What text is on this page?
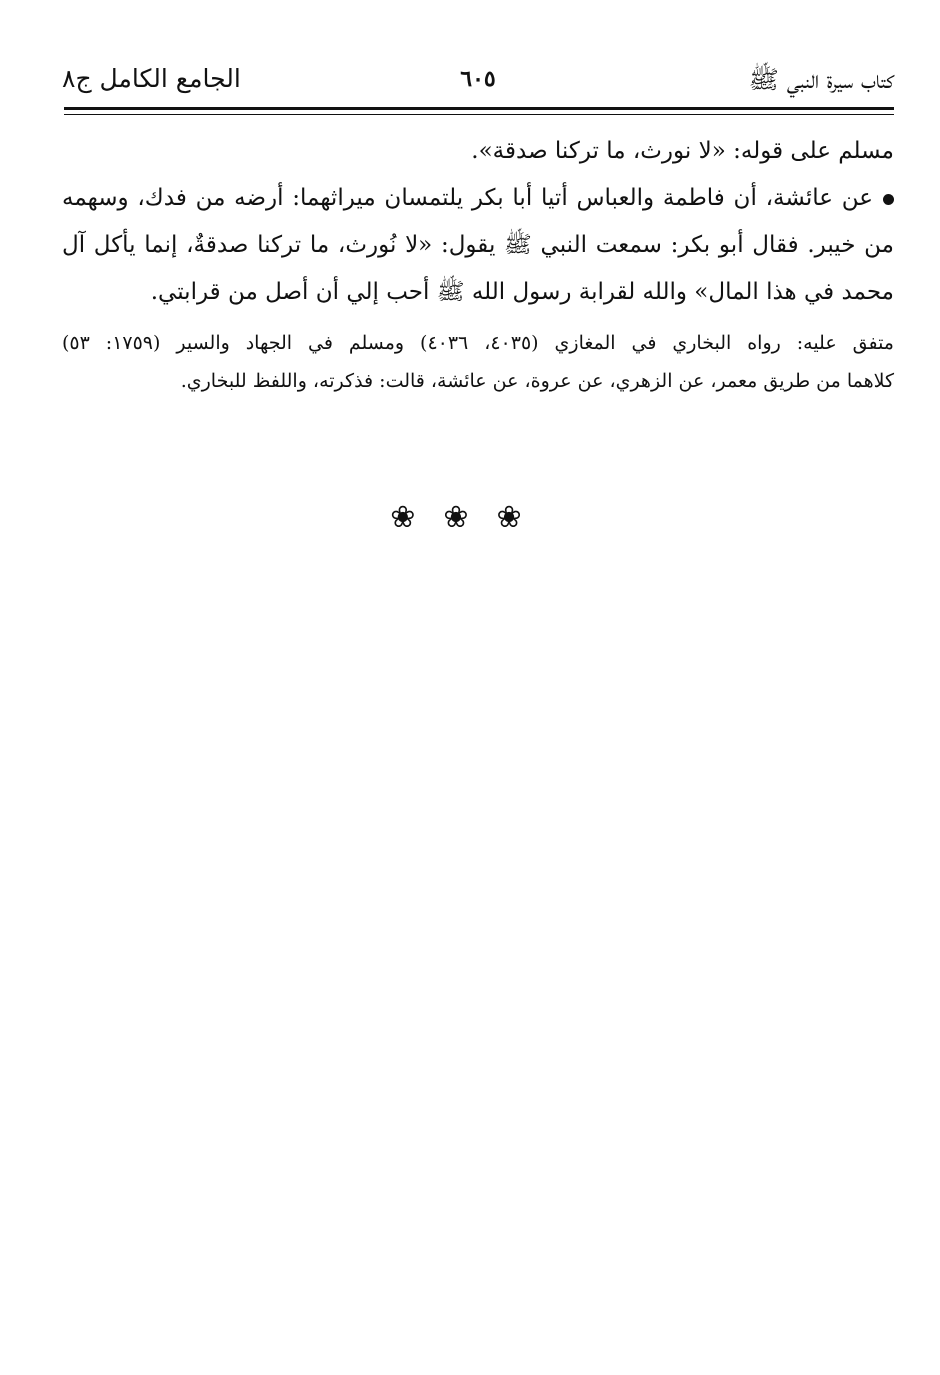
كتاب سيرة النبي ﷺ
٦٠٥
الجامع الكامل ج٨
مسلم على قوله: «لا نورث، ما تركنا صدقة».
عن عائشة، أن فاطمة والعباس أتيا أبا بكر يلتمسان ميراثهما: أرضه من فدك، وسهمه
من خيبر. فقال أبو بكر: سمعت النبي ﷺ يقول: «لا نُورث، ما تركنا صدقةٌ، إنما يأكل آل
محمد في هذا المال» والله لقرابة رسول الله ﷺ أحب إلي أن أصل من قرابتي.
متفق عليه: رواه البخاري في المغازي (٤٠٣٥، ٤٠٣٦) ومسلم في الجهاد والسير (١٧٥٩: ٥٣)
كلاهما من طريق معمر، عن الزهري، عن عروة، عن عائشة، قالت: فذكرته، واللفظ للبخاري.
❀❀❀
